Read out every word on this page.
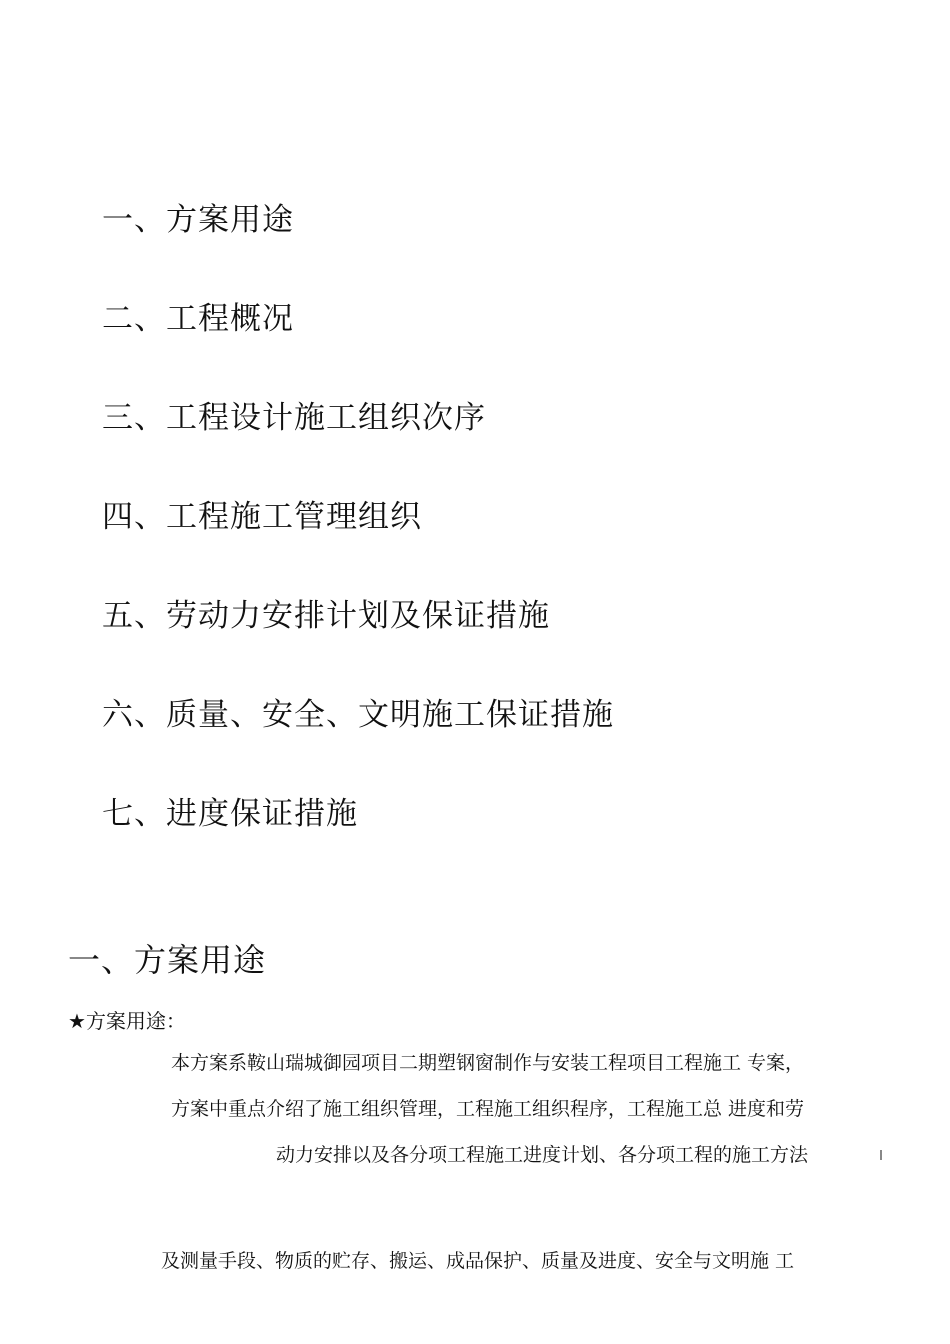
一、方案用途
二、工程概况
三、工程设计施工组织次序
四、工程施工管理组织
五、劳动力安排计划及保证措施
六、质量、安全、文明施工保证措施
七、进度保证措施
一、方案用途
★方案用途：
本方案系鞍山瑞城御园项目二期塑钢窗制作与安装工程项目工程施工 专案，
方案中重点介绍了施工组织管理，工程施工组织程序，工程施工总 进度和劳
动力安排以及各分项工程施工进度计划、各分项工程的施工方法
及测量手段、物质的贮存、搬运、成品保护、质量及进度、安全与文明施 工
